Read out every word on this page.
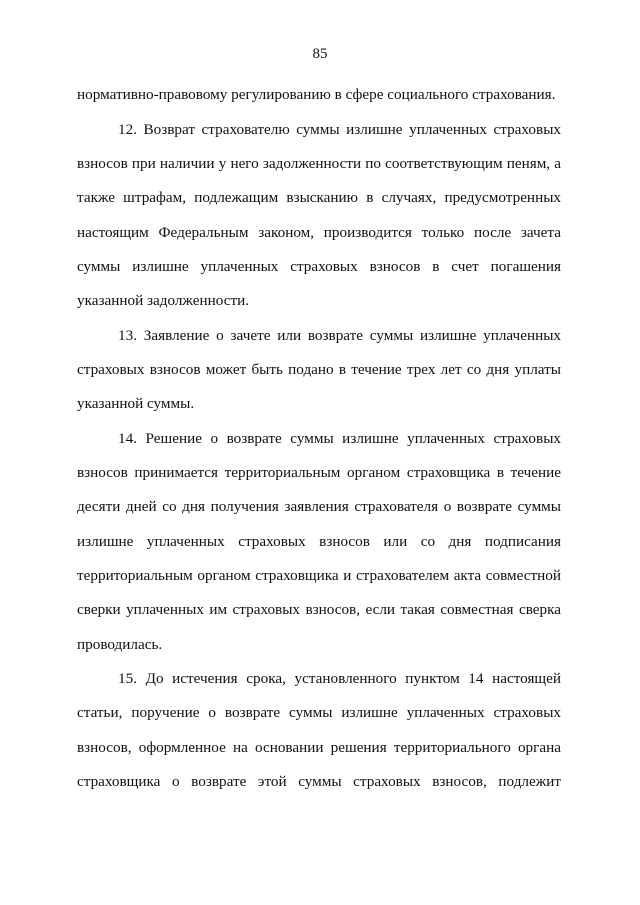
85
нормативно-правовому регулированию в сфере социального страхования.
12. Возврат страхователю суммы излишне уплаченных страховых
взносов при наличии у него задолженности по соответствующим пеням, а
также штрафам, подлежащим взысканию в случаях, предусмотренных
настоящим Федеральным законом, производится только после зачета
суммы излишне уплаченных страховых взносов в счет погашения
указанной задолженности.
13. Заявление о зачете или возврате суммы излишне уплаченных
страховых взносов может быть подано в течение трех лет со дня уплаты
указанной суммы.
14. Решение о возврате суммы излишне уплаченных страховых
взносов принимается территориальным органом страховщика в течение
десяти дней со дня получения заявления страхователя о возврате суммы
излишне уплаченных страховых взносов или со дня подписания
территориальным органом страховщика и страхователем акта совместной
сверки уплаченных им страховых взносов, если такая совместная сверка
проводилась.
15. До истечения срока, установленного пунктом 14 настоящей
статьи, поручение о возврате суммы излишне уплаченных страховых
взносов, оформленное на основании решения территориального органа
страховщика о возврате этой суммы страховых взносов, подлежит
